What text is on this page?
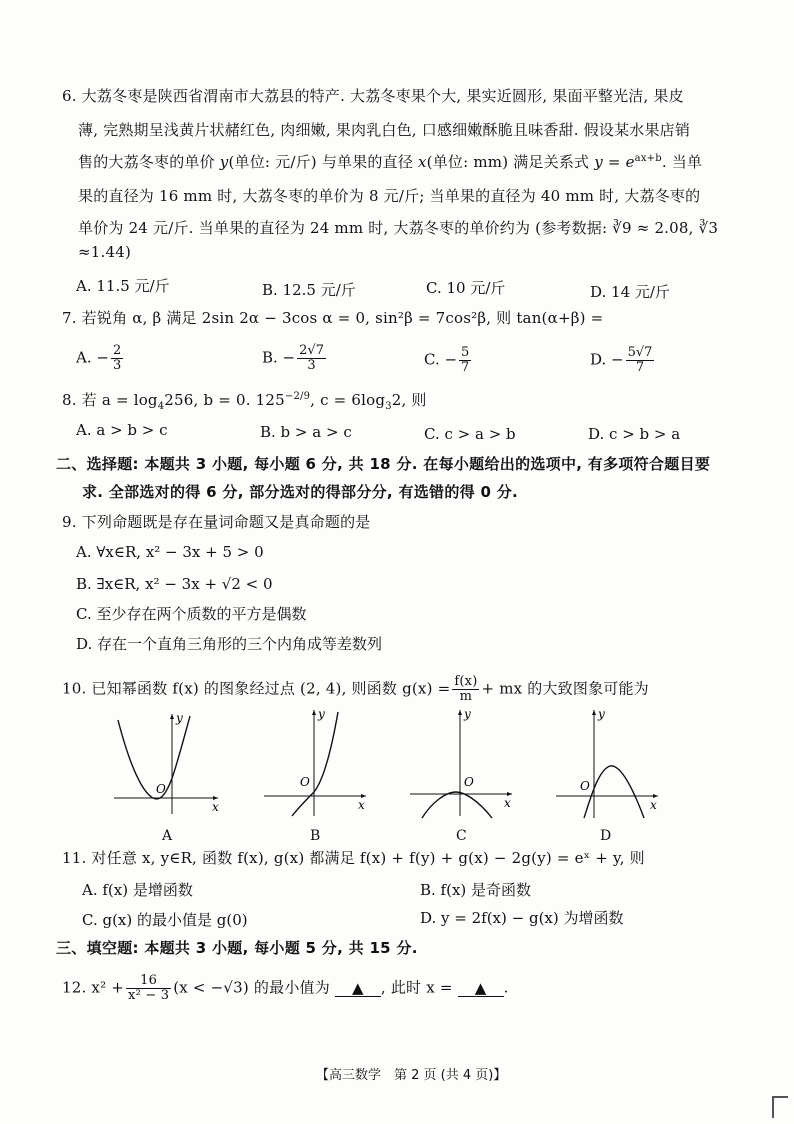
6. 大荔冬枣是陕西省渭南市大荔县的特产. 大荔冬枣果个大, 果实近圆形, 果面平整光洁, 果皮
薄, 完熟期呈浅黄片状赭红色, 肉细嫩, 果肉乳白色, 口感细嫩酥脆且味香甜. 假设某水果店销
售的大荔冬枣的单价 y(单位: 元/斤) 与单果的直径 x(单位: mm) 满足关系式 $y = e^{ax+b}$. 当单
果的直径为 16 mm 时, 大荔冬枣的单价为 8 元/斤; 当单果的直径为 40 mm 时, 大荔冬枣的
单价为 24 元/斤. 当单果的直径为 24 mm 时, 大荔冬枣的单价约为 (参考数据: ∛9 ≈ 2.08, ∛3
≈1.44)
A. 11.5 元/斤	B. 12.5 元/斤	C. 10 元/斤	D. 14 元/斤
7. 若锐角 α, β 满足 2sin 2α − 3cos α = 0, sin²β = 7cos²β, 则 tan(α+β) =
A. − $\frac{2}{3}$	B. − $\frac{2√7}{3}$	C. − $\frac{5}{7}$	D. − $\frac{5√7}{7}$
8. 若 $a = \log_4256$, b = 0. $125^{-2/9}$, $c = 6\log_32$, 则
A. a > b > c	B. b > a > c	C. c > a > b	D. c > b > a
二、选择题: 本题共 3 小题, 每小题 6 分, 共 18 分. 在每小题给出的选项中, 有多项符合题目要
求. 全部选对的得 6 分, 部分选对的得部分分, 有选错的得 0 分.
9. 下列命题既是存在量词命题又是真命题的是
A. ∀x∈R, x² − 3x + 5 > 0
B. ∃x∈R, x² − 3x + √2 < 0
C. 至少存在两个质数的平方是偶数
D. 存在一个直角三角形的三个内角成等差数列
10. 已知幂函数 f(x) 的图象经过点 (2, 4), 则函数 $g(x) = \frac{f(x)}{m}$ + mx 的大致图象可能为
y
x
O
A
y
x
O
B
y
x
O
C
y
x
O
D
11. 对任意 x, y∈R, 函数 f(x), g(x) 都满足 f(x) + f(y) + g(x) − 2g(y) = eˣ + y, 则
A. f(x) 是增函数	B. f(x) 是奇函数
C. g(x) 的最小值是 g(0)	D. y = 2f(x) − g(x) 为增函数
三、填空题: 本题共 3 小题, 每小题 5 分, 共 15 分.
12. $x^2 + \frac{16}{\text{x² − 3}} (x < -√3)$ 的最小值为 ▲ , 此时 x = ▲ .
【高三数学　第 2 页 (共 4 页)】
